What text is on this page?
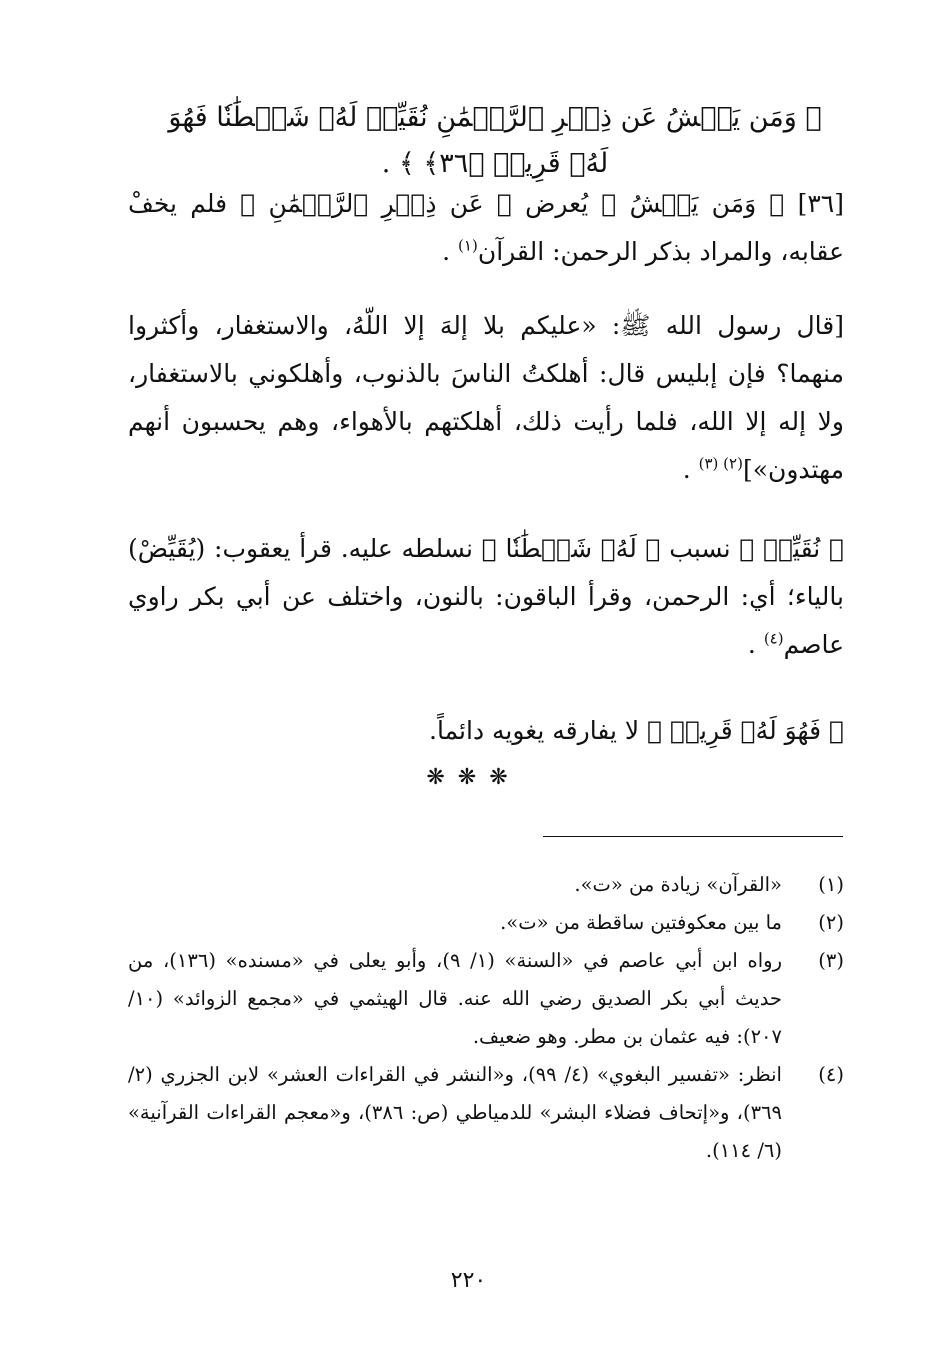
﴿ وَمَن يَعۡشُ عَن ذِكۡرِ ٱلرَّحۡمَٰنِ نُقَيِّضۡ لَهُۥ شَيۡطَٰنٗا فَهُوَ لَهُۥ قَرِينٞ ﴿٣٦﴾ ﴾ .

[٣٦] ﴿ وَمَن يَعۡشُ ﴾ يُعرض ﴿ عَن ذِكۡرِ ٱلرَّحۡمَٰنِ ﴾ فلم يخفْ عقابه، والمراد بذكر الرحمن: القرآن$^{(١)}$ .

[قال رسول الله ﷺ: «عليكم بلا إلهَ إلا اللّهُ، والاستغفار، وأكثروا منهما؟ فإن إبليس قال: أهلكتُ الناسَ بالذنوب، وأهلكوني بالاستغفار، ولا إله إلا الله، فلما رأيت ذلك، أهلكتهم بالأهواء، وهم يحسبون أنهم مهتدون»]$^{(٢) (٣)}$ .

﴿ نُقَيِّضۡ ﴾ نسبب ﴿ لَهُۥ شَيۡطَٰنٗا ﴾ نسلطه عليه. قرأ يعقوب: (يُقَيِّضْ) بالياء؛ أي: الرحمن، وقرأ الباقون: بالنون، واختلف عن أبي بكر راوي عاصم$^{(٤)}$ .

﴿ فَهُوَ لَهُۥ قَرِينٞ ﴾ لا يفارقه يغويه دائماً.

❋ ❋ ❋
(١)
«القرآن» زيادة من «ت».
(٢)
ما بين معكوفتين ساقطة من «ت».
(٣)
رواه ابن أبي عاصم في «السنة» (١/ ٩)، وأبو يعلى في «مسنده» (١٣٦)، من حديث أبي بكر الصديق رضي الله عنه. قال الهيثمي في «مجمع الزوائد» (١٠/ ٢٠٧): فيه عثمان بن مطر. وهو ضعيف.
(٤)
انظر: «تفسير البغوي» (٤/ ٩٩)، و«النشر في القراءات العشر» لابن الجزري (٢/ ٣٦٩)، و«إتحاف فضلاء البشر» للدمياطي (ص: ٣٨٦)، و«معجم القراءات القرآنية» (٦/ ١١٤).
٢٢٠
